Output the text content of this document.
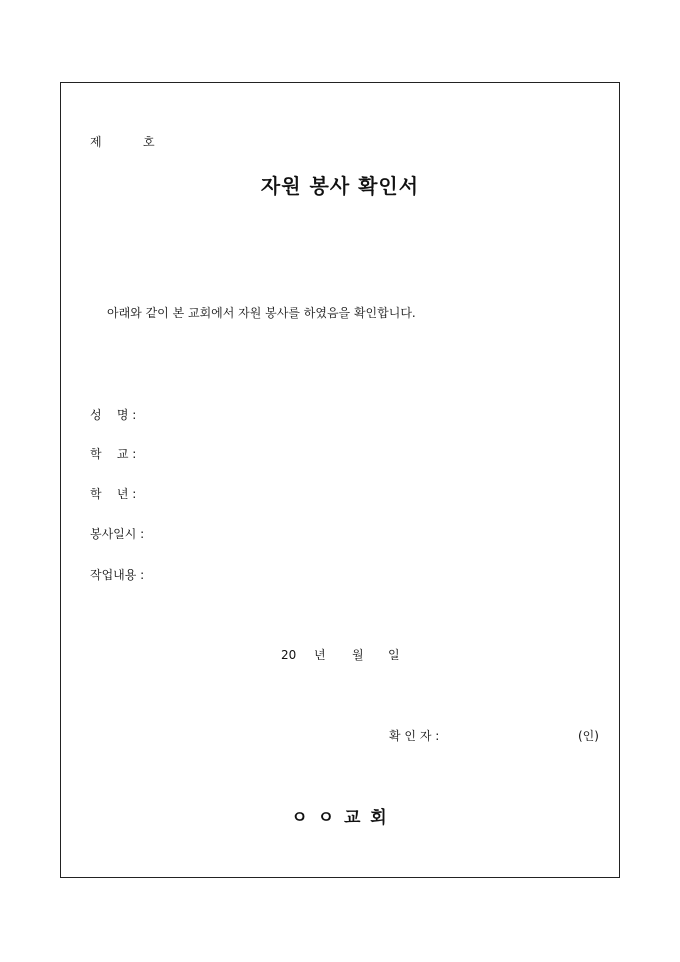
제	호
자원 봉사 확인서
아래와 같이 본 교회에서 자원 봉사를 하였음을 확인합니다.
성    명 :
학    교 :
학    년 :
봉사일시 :
작업내용 :
20 년 월 일
확 인 자 :	(인)
ㅇ ㅇ 교 회
